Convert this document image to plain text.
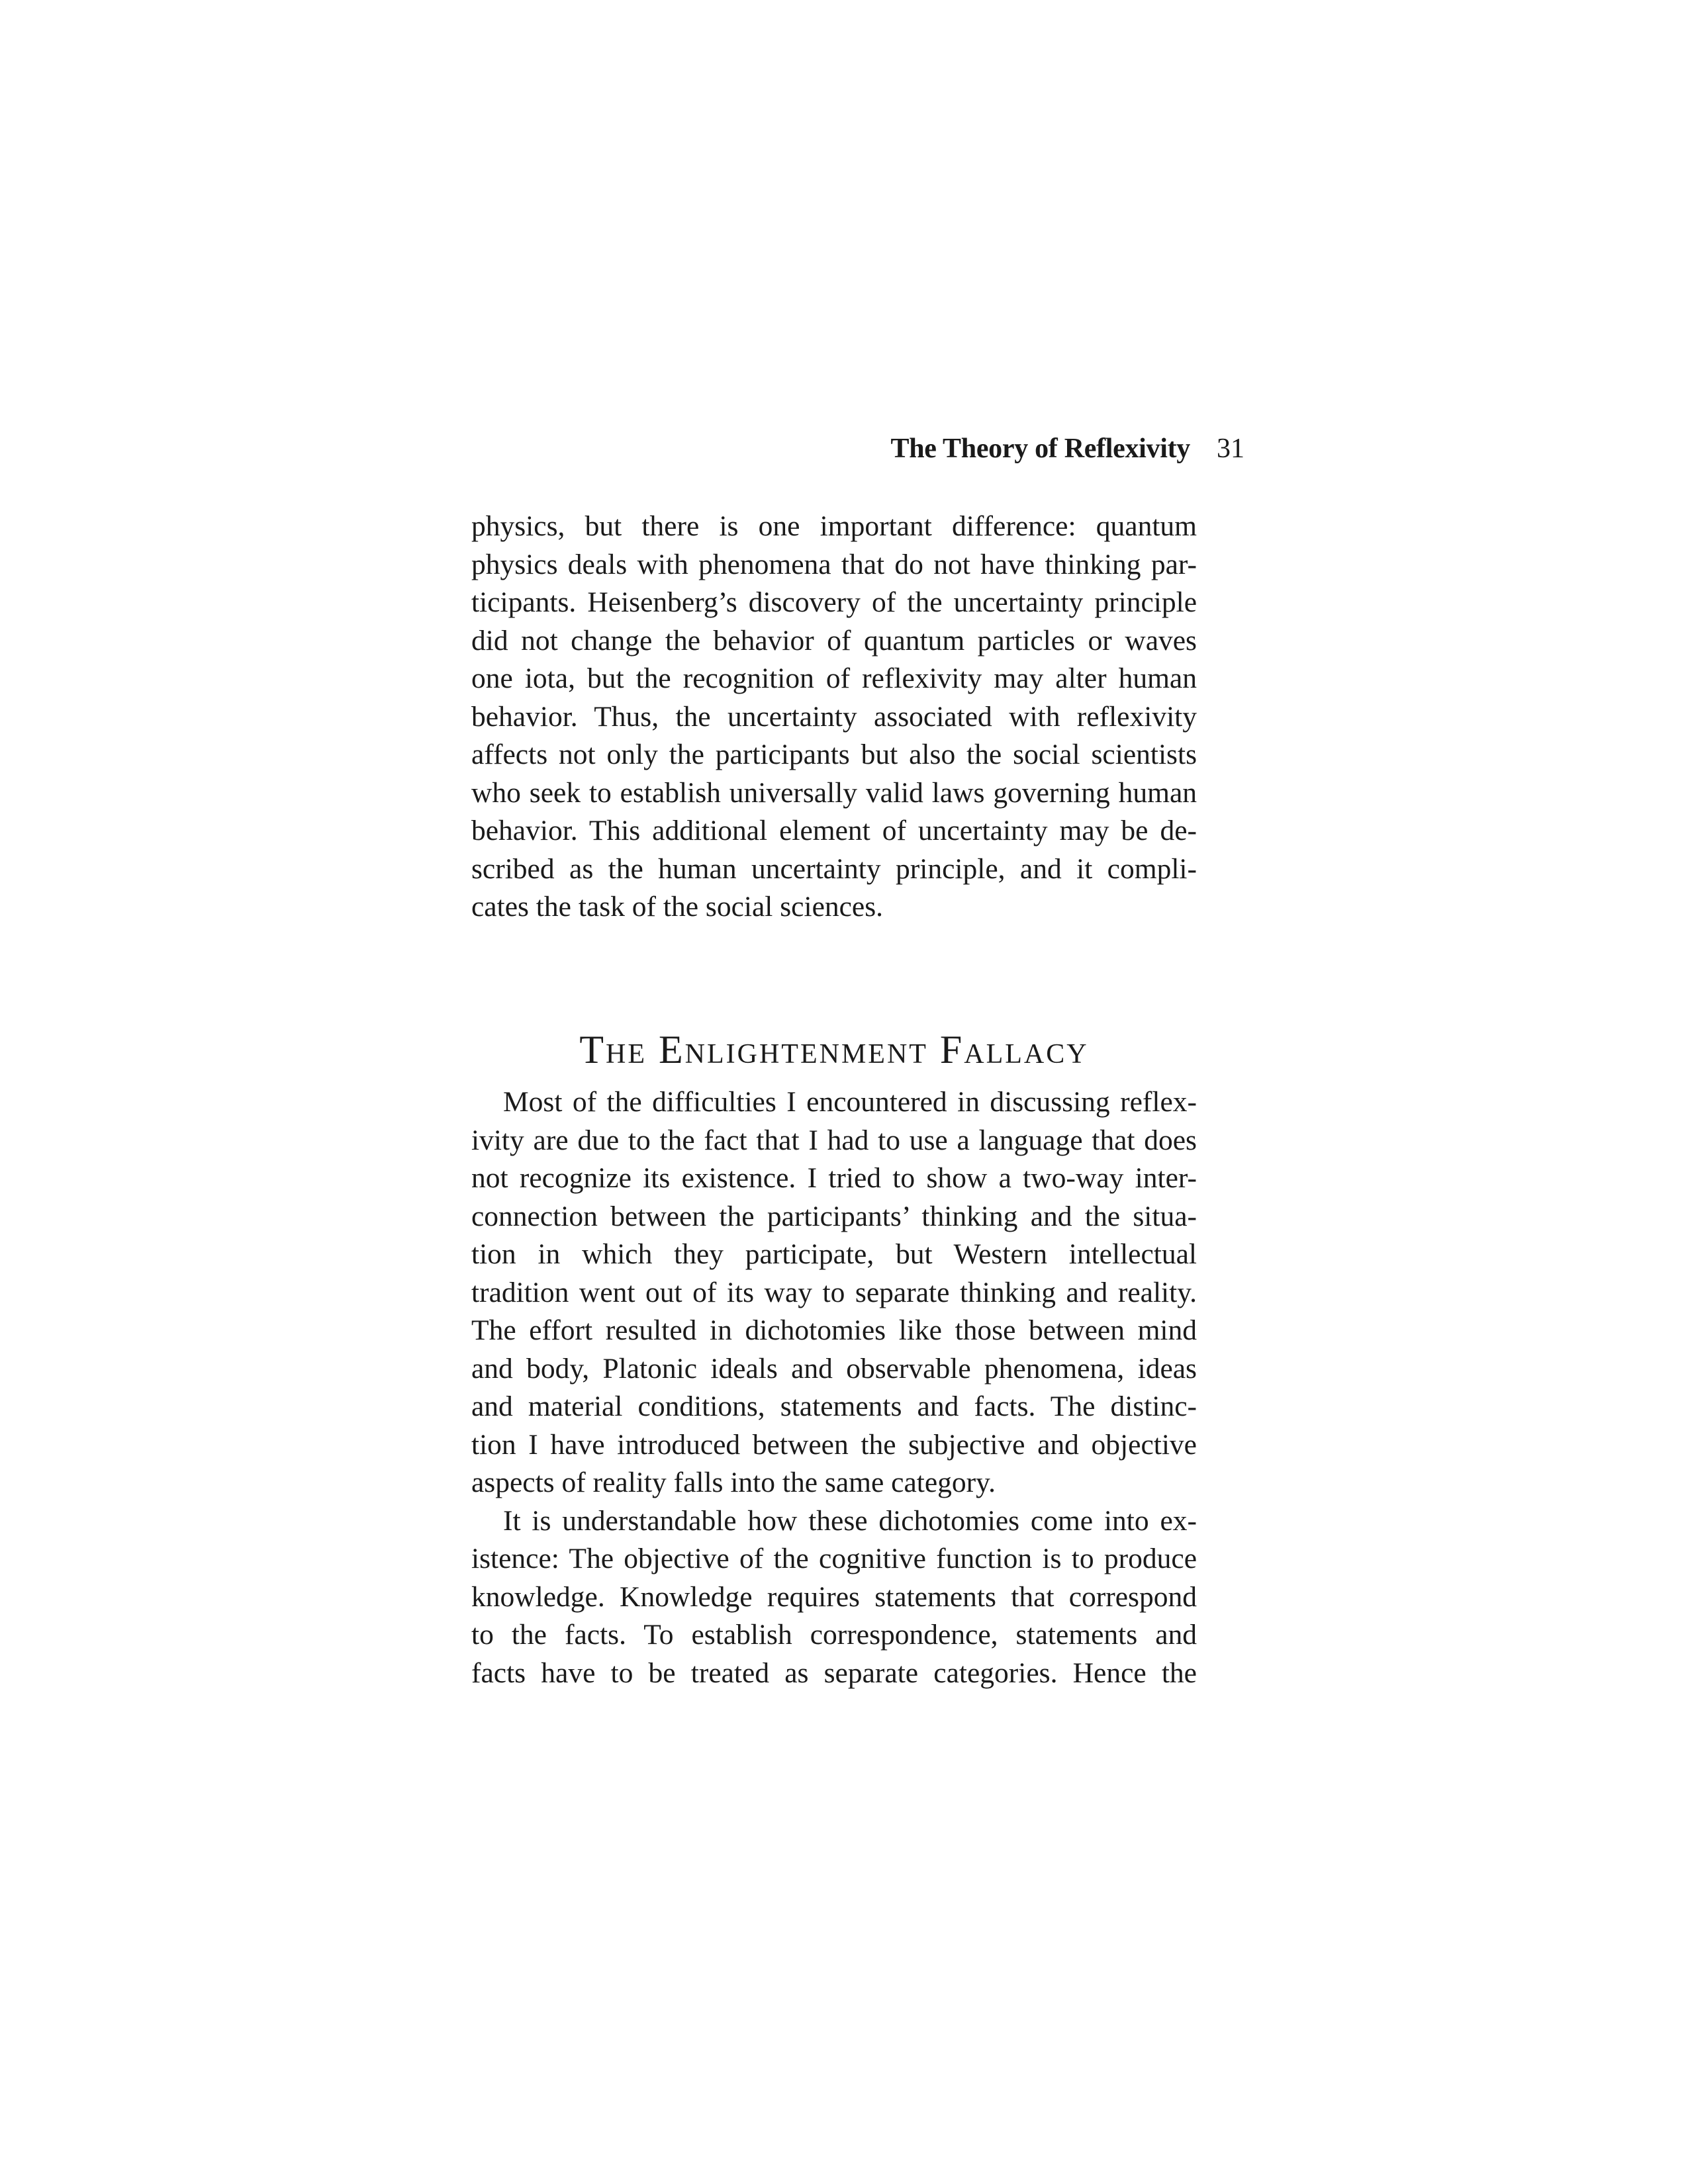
The Theory of Reflexivity 31
physics, but there is one important difference: quantum
physics deals with phenomena that do not have thinking par-
ticipants. Heisenberg’s discovery of the uncertainty principle
did not change the behavior of quantum particles or waves
one iota, but the recognition of reflexivity may alter human
behavior. Thus, the uncertainty associated with reflexivity
affects not only the participants but also the social scientists
who seek to establish universally valid laws governing human
behavior. This additional element of uncertainty may be de-
scribed as the human uncertainty principle, and it compli-
cates the task of the social sciences.
The Enlightenment Fallacy
Most of the difficulties I encountered in discussing reflex-
ivity are due to the fact that I had to use a language that does
not recognize its existence. I tried to show a two-way inter-
connection between the participants’ thinking and the situa-
tion in which they participate, but Western intellectual
tradition went out of its way to separate thinking and reality.
The effort resulted in dichotomies like those between mind
and body, Platonic ideals and observable phenomena, ideas
and material conditions, statements and facts. The distinc-
tion I have introduced between the subjective and objective
aspects of reality falls into the same category.
It is understandable how these dichotomies come into ex-
istence: The objective of the cognitive function is to produce
knowledge. Knowledge requires statements that correspond
to the facts. To establish correspondence, statements and
facts have to be treated as separate categories. Hence the
